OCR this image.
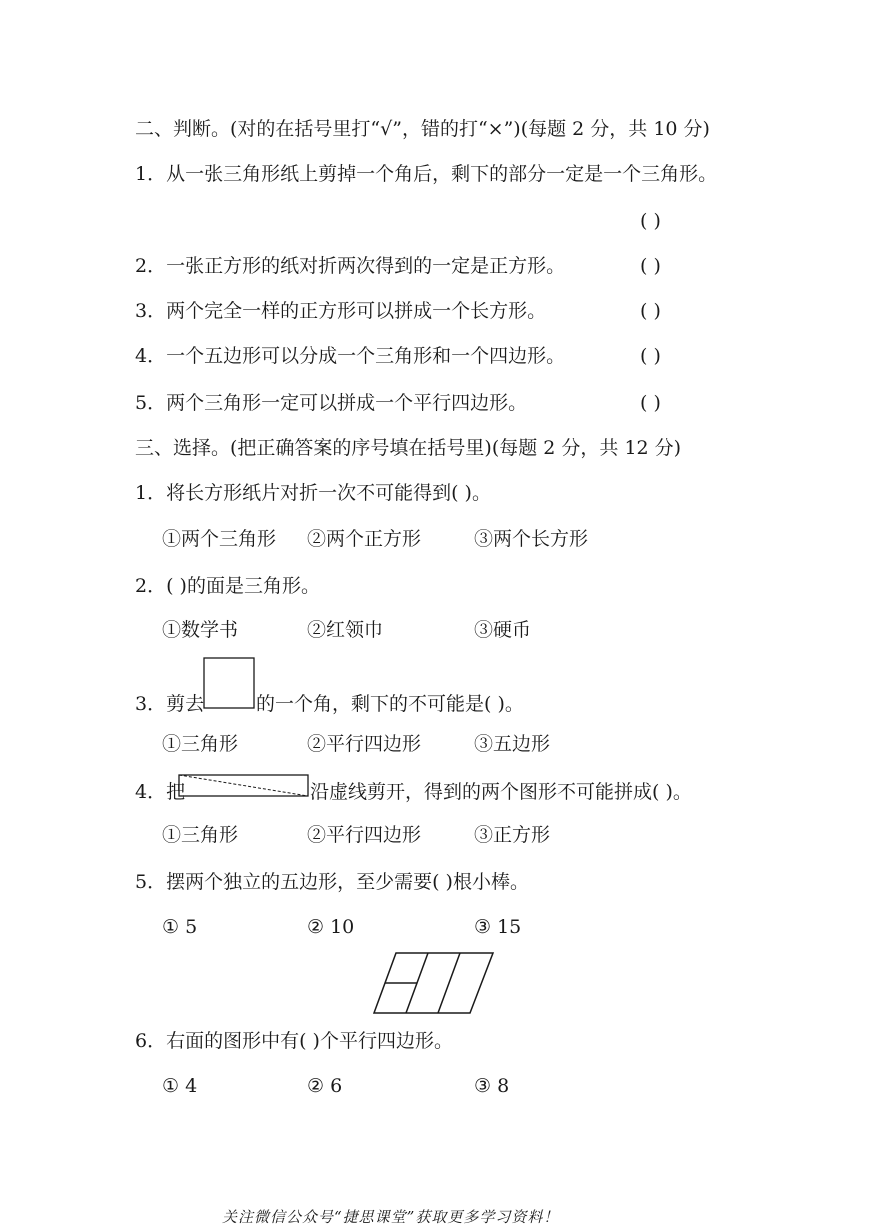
二、判断。(对的在括号里打“√”，错的打“×”)(每题 2 分，共 10 分)
1．从一张三角形纸上剪掉一个角后，剩下的部分一定是一个三角形。
( )
2．一张正方形的纸对折两次得到的一定是正方形。	( )
3．两个完全一样的正方形可以拼成一个长方形。	( )
4．一个五边形可以分成一个三角形和一个四边形。	( )
5．两个三角形一定可以拼成一个平行四边形。	( )
三、选择。(把正确答案的序号填在括号里)(每题 2 分，共 12 分)
1．将长方形纸片对折一次不可能得到( )。
①两个三角形 ②两个正方形	③两个长方形
2．( )的面是三角形。
①数学书	②红领巾	③硬币
3．剪去	的一个角，剩下的不可能是( )。
①三角形	②平行四边形	③五边形
4．把	沿虚线剪开，得到的两个图形不可能拼成( )。
①三角形	②平行四边形	③正方形
5．摆两个独立的五边形，至少需要( )根小棒。
① 5	② 10	③ 15
6．右面的图形中有( )个平行四边形。
① 4	② 6	③ 8
关注微信公众号“捷思课堂”获取更多学习资料！
